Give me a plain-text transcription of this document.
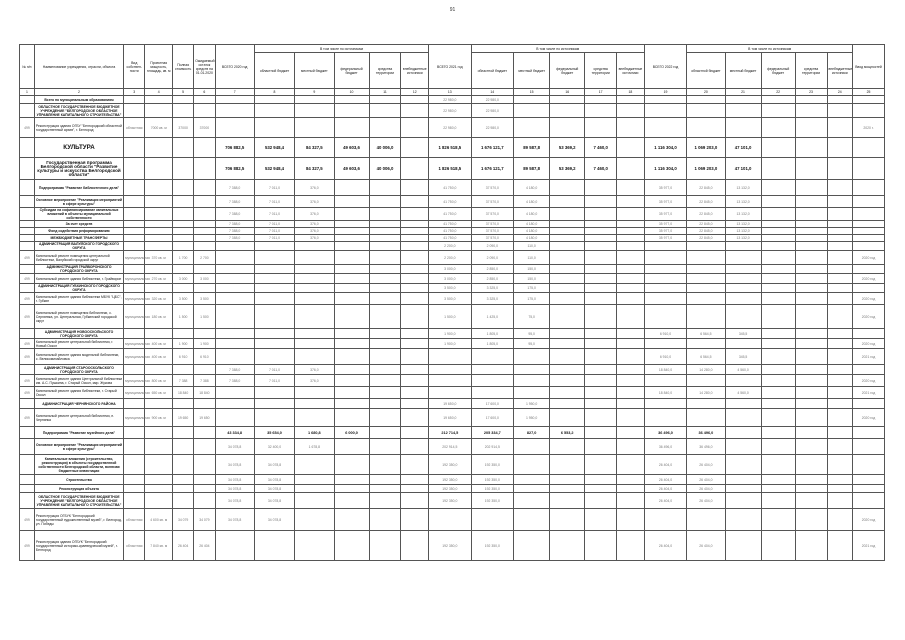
91
№ п/п	Наименование учреждения, отрасли, объекта	Вид собствен-ности	Проектная мощность, площадь, кв. м	Полная стоимость	Ожидаемый остаток средств на 01.01.2020	ВСЕГО 2020 год	В том числе по источникам					ВСЕГО 2021 год	В том числе по источникам					ВСЕГО 2022 год	В том числе по источникам					Ввод мощностей
							областной бюджет	местный бюджет	федеральный бюджет	средства территории	внебюджетные источники		областной бюджет	местный бюджет	федеральный бюджет	средства территории	внебюджетные источники		областной бюджет	местный бюджет	федеральный бюджет	средства территории	внебюджетные источники	
1	2	3	4	5	6	7	8	9	10	11	12	13	14	15	16	17	18	19	20	21	22	23	24	25
	Всего по муниципальным образованиям											22 980,0	22 980,0											
	ОБЛАСТНОЕ ГОСУДАРСТВЕННОЕ БЮДЖЕТНОЕ УЧРЕЖДЕНИЕ "БЕЛГОРОДСКОЕ ОБЛАСТНОЕ УПРАВЛЕНИЕ КАПИТАЛЬНОГО СТРОИТЕЛЬСТВА"											22 980,0	22 980,0											
499	Реконструкция здания ОГБУ "Белгородский областной государственный архив", г. Белгород	областная	7000 кв. м	37000	37000							22 980,0	22 980,0											2020 г.
	КУЛЬТУРА					706 882,5	532 948,4	84 327,5	49 603,6	40 006,0		1 826 518,5	1 676 121,7	89 587,8	53 369,2	7 460,0		1 116 304,0	1 069 203,0	47 101,0				
	Государственная программа Белгородской области "Развитие культуры и искусства Белгородской области"					706 882,5	532 948,4	84 327,5	49 603,6	40 006,0		1 826 518,5	1 676 121,7	89 587,8	53 369,2	7 460,0		1 116 304,0	1 069 203,0	47 101,0				
	Подпрограмма "Развитие библиотечного дела"					7 388,0	7 011,0	376,0				41 750,0	37 570,0	4 180,0				35 977,0	22 845,0	13 132,0				
	Основное мероприятие "Реализация мероприятий в сфере культуры"					7 388,0	7 011,0	376,0				41 750,0	37 570,0	4 180,0				35 977,0	22 845,0	13 132,0				
	Субсидии на софинансирование капитальных вложений в объекты муниципальной собственности					7 388,0	7 011,0	376,0				41 750,0	37 570,0	4 180,0				35 977,0	22 845,0	13 132,0				
	За счет средств					7 388,0	7 011,0	376,0				41 750,0	37 570,0	4 180,0				35 977,0	22 845,0	13 132,0				
	Фонд содействия реформированию					7 388,0	7 011,0	376,0				41 750,0	37 570,0	4 180,0				35 977,0	22 845,0	13 132,0				
	МЕЖБЮДЖЕТНЫЕ ТРАНСФЕРТЫ					7 388,0	7 011,0	376,0				41 750,0	37 570,0	4 180,0				35 977,0	22 845,0	13 132,0				
	АДМИНИСТРАЦИЯ ВАЛУЙСКОГО ГОРОДСКОГО ОКРУГА											2 200,0	2 090,0	110,0										
499	Капитальный ремонт помещения центральной библиотеки, Валуйский городской округ	муниципальная	370 кв. м	1 700	2 700							2 200,0	2 090,0	110,0										2020 год
	АДМИНИСТРАЦИЯ ГРАЙВОРОНСКОГО ГОРОДСКОГО ОКРУГА											3 000,0	2 850,0	150,0										
499	Капитальный ремонт здания библиотеки, г. Грайворон	муниципальная	270 кв. м	3 000	3 000							3 000,0	2 850,0	150,0										2020 год
	АДМИНИСТРАЦИЯ ГУБКИНСКОГО ГОРОДСКОГО ОКРУГА											3 500,0	3 325,0	175,0										
499	Капитальный ремонт здания библиотеки МБУК "ЦБС", г. Губкин	муниципальная	320 кв. м	3 500	3 500							3 500,0	3 325,0	175,0										2020 год
499	Капитальный ремонт помещения библиотеки, с. Сергиевка, ул. Центральная, Губкинский городской округ	муниципальная	180 кв. м	1 500	1 500							1 500,0	1 425,0	75,0										2020 год
	АДМИНИСТРАЦИЯ НОВООСКОЛЬСКОГО ГОРОДСКОГО ОКРУГА											1 900,0	1 805,0	95,0				6 910,0	6 564,5	345,5				
499	Капитальный ремонт центральной библиотеки, г. Новый Оскол	муниципальная	400 кв. м	1 900	1 900							1 900,0	1 805,0	95,0										2020 год
499	Капитальный ремонт здания модельной библиотеки, с. Великомихайловка	муниципальная	400 кв. м	6 910	6 910													6 910,0	6 564,5	345,5				2021 год
	АДМИНИСТРАЦИЯ СТАРООСКОЛЬСКОГО ГОРОДСКОГО ОКРУГА					7 388,0	7 011,0	376,0										18 840,0	14 280,0	4 560,0				
499	Капитальный ремонт здания Центральной библиотеки им. А.С. Пушкина, г. Старый Оскол, мкр. Жукова	муниципальная	800 кв. м	7 388	7 388	7 388,0	7 011,0	376,0																2020 год
499	Капитальный ремонт здания библиотеки, г. Старый Оскол	муниципальная	650 кв. м	18 840	18 840													18 840,0	14 280,0	4 560,0				2021 год
	АДМИНИСТРАЦИЯ ЧЕРНЯНСКОГО РАЙОНА											19 650,0	17 600,0	1 950,0										
499	Капитальный ремонт центральной библиотеки, п. Чернянка	муниципальная	900 кв. м	19 650	19 650							19 650,0	17 600,0	1 950,0										2020 год
	Подпрограмма "Развитие музейного дела"					43 334,8	35 654,0	1 680,8	6 000,0			212 714,5	205 334,7	827,0	6 553,2			36 496,0	36 496,0					
	Основное мероприятие "Реализация мероприятий в сфере культуры"					34 078,8	32 400,0	1 678,8				202 914,5	202 914,5					36 496,0	36 496,0					
	Капитальные вложения (строительство, реконструкция) в объекты государственной собственности Белгородской области, включая бюджетные инвестиции					34 078,8	34 078,8					192 350,0	192 350,0					26 404,0	26 404,0					
	Строительство					34 078,8	34 078,8					192 350,0	192 350,0					26 404,0	26 404,0					
	Реконструкция объекта					34 078,8	34 078,8					192 350,0	192 350,0					26 404,0	26 404,0					
	ОБЛАСТНОЕ ГОСУДАРСТВЕННОЕ БЮДЖЕТНОЕ УЧРЕЖДЕНИЕ "БЕЛГОРОДСКОЕ ОБЛАСТНОЕ УПРАВЛЕНИЕ КАПИТАЛЬНОГО СТРОИТЕЛЬСТВА"					34 078,8	34 078,8					192 350,0	192 350,0					26 404,0	26 404,0					
499	Реконструкция ОГБУК "Белгородский государственный художественный музей", г. Белгород, ул. Победы	областная	4 600 кв. м	34 079	34 079	34 078,8	34 078,8																	2020 год
499	Реконструкция здания ОГБУК "Белгородский государственный историко-краеведческий музей", г. Белгород	областная	7 840 кв. м	26 404	26 404							192 350,0	192 350,0					26 404,0	26 404,0					2021 год
